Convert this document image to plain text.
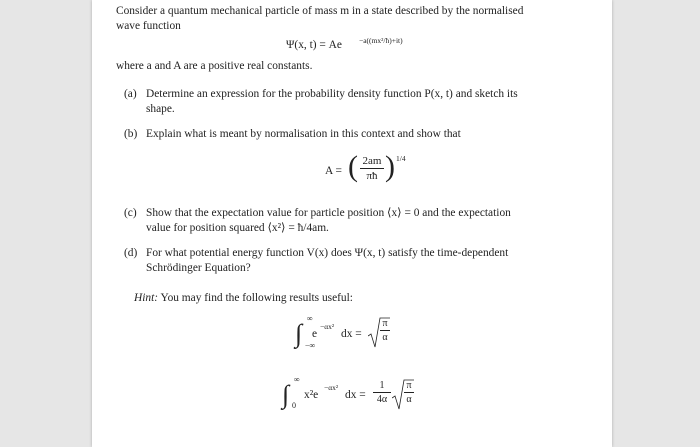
Consider a quantum mechanical particle of mass m in a state described by the normalised
wave function
Ψ(x, t) = Ae −a((mx²/ħ)+it)
where a and A are a positive real constants.
(a) Determine an expression for the probability density function P(x, t) and sketch its
shape.
(b) Explain what is meant by normalisation in this context and show that
A = ( 2am
πħ ) 1/4
(c) Show that the expectation value for particle position ⟨x⟩ = 0 and the expectation
value for position squared ⟨x²⟩ = ħ/4am.
(d) For what potential energy function V(x) does Ψ(x, t) satisfy the time-dependent
Schrödinger Equation?
Hint: You may find the following results useful:
∫
∞
−∞
e
−αx²
dx =
π
α
∫
∞
0
x²e
−αx²
dx =
1
4α
π
α
